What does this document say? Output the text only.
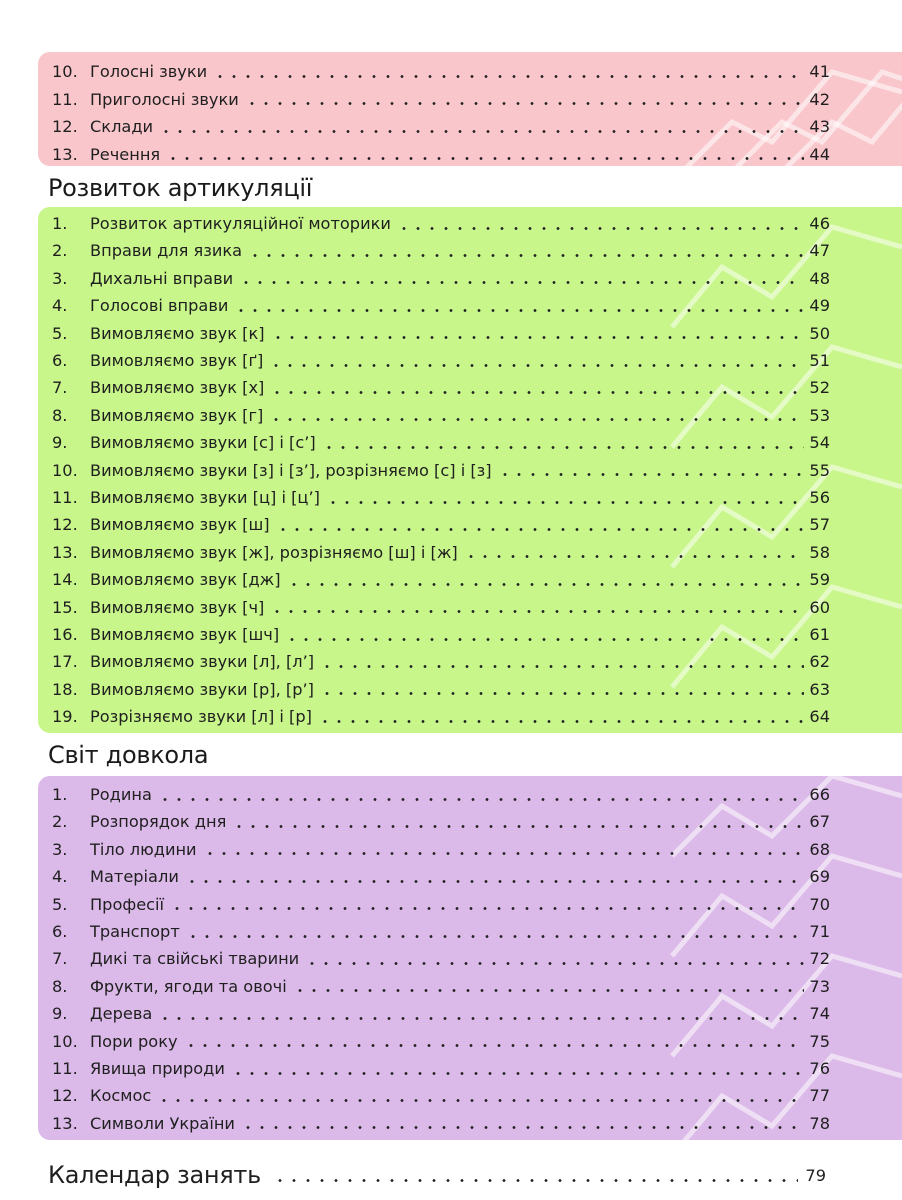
10. Голосні звуки	41
11. Приголосні звуки	42
12. Склади	43
13. Речення	44
Розвиток артикуляції
1.	Розвиток артикуляційної моторики	46
2.	Вправи для язика	47
3.	Дихальні вправи	48
4.	Голосові вправи	49
5.	Вимовляємо звук [к]	50
6.	Вимовляємо звук [ґ]	51
7.	Вимовляємо звук [х]	52
8.	Вимовляємо звук [г]	53
9.	Вимовляємо звуки [с] і [с’]	54
10. Вимовляємо звуки [з] і [з’], розрізняємо [с] і [з]	55
11. Вимовляємо звуки [ц] і [ц’]	56
12. Вимовляємо звук [ш]	57
13. Вимовляємо звук [ж], розрізняємо [ш] і [ж]	58
14. Вимовляємо звук [дж]	59
15. Вимовляємо звук [ч]	60
16. Вимовляємо звук [шч]	61
17. Вимовляємо звуки [л], [л’]	62
18. Вимовляємо звуки [р], [р’]	63
19. Розрізняємо звуки [л] і [р]	64
Світ довкола
1.	Родина	66
2.	Розпорядок дня	67
3.	Тіло людини	68
4.	Матеріали	69
5.	Професії	70
6.	Транспорт	71
7.	Дикі та свійські тварини	72
8.	Фрукти, ягоди та овочі	73
9.	Дерева	74
10. Пори року	75
11. Явища природи	76
12. Космос	77
13. Символи України	78
Календар занять	79
